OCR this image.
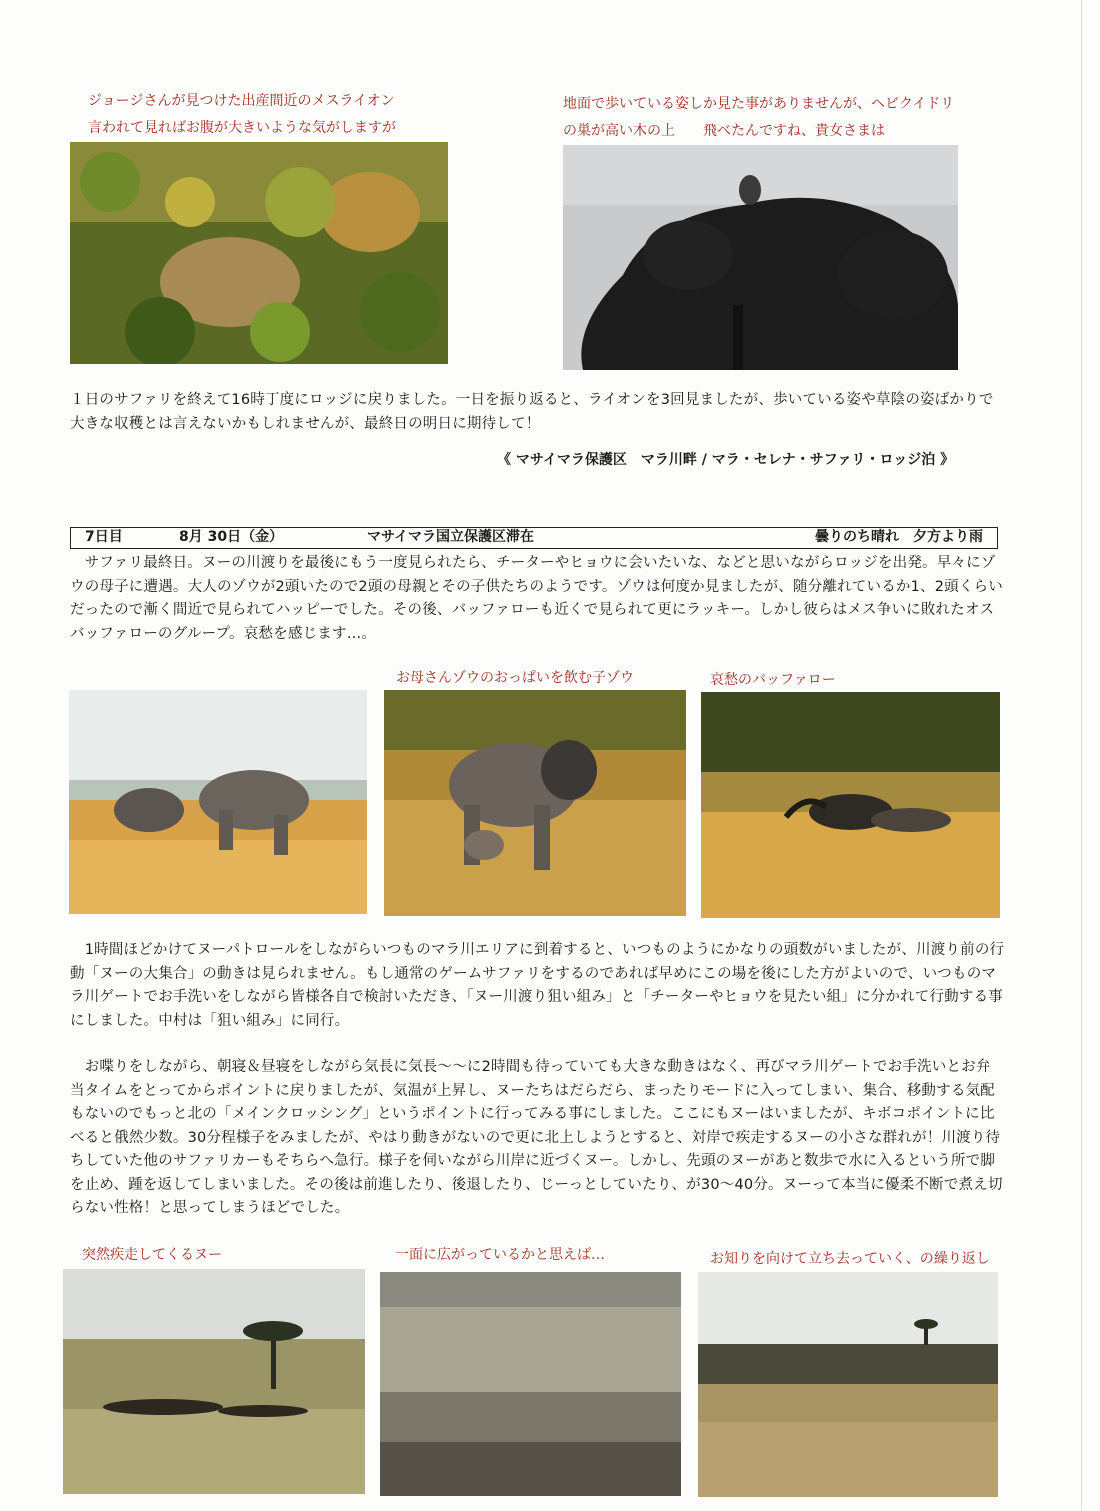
ジョージさんが見つけた出産間近のメスライオン
言われて見ればお腹が大きいような気がしますが
地面で歩いている姿しか見た事がありませんが、ヘビクイドリ
の巣が高い木の上　　飛べたんですね、貴女さまは
１日のサファリを終えて16時丁度にロッジに戻りました。一日を振り返ると、ライオンを3回見ましたが、歩いている姿や草陰の姿ばかりで大きな収穫とは言えないかもしれませんが、最終日の明日に期待して！
《 マサイマラ保護区　マラ川畔 / マラ・セレナ・サファリ・ロッジ泊 》
7日目	8月 30日（金）	マサイマラ国立保護区滞在	曇りのち晴れ　夕方より雨
　サファリ最終日。ヌーの川渡りを最後にもう一度見られたら、チーターやヒョウに会いたいな、などと思いながらロッジを出発。早々にゾウの母子に遭遇。大人のゾウが2頭いたので2頭の母親とその子供たちのようです。ゾウは何度か見ましたが、随分離れているか1、2頭くらいだったので漸く間近で見られてハッピーでした。その後、バッファローも近くで見られて更にラッキー。しかし彼らはメス争いに敗れたオスバッファローのグループ。哀愁を感じます…。
お母さんゾウのおっぱいを飲む子ゾウ	哀愁のバッファロー
　1時間ほどかけてヌーパトロールをしながらいつものマラ川エリアに到着すると、いつものようにかなりの頭数がいましたが、川渡り前の行動「ヌーの大集合」の動きは見られません。もし通常のゲームサファリをするのであれば早めにこの場を後にした方がよいので、いつものマラ川ゲートでお手洗いをしながら皆様各自で検討いただき、「ヌー川渡り狙い組み」と「チーターやヒョウを見たい組」に分かれて行動する事にしました。中村は「狙い組み」に同行。
　お喋りをしながら、朝寝＆昼寝をしながら気長に気長〜〜に2時間も待っていても大きな動きはなく、再びマラ川ゲートでお手洗いとお弁当タイムをとってからポイントに戻りましたが、気温が上昇し、ヌーたちはだらだら、まったりモードに入ってしまい、集合、移動する気配もないのでもっと北の「メインクロッシング」というポイントに行ってみる事にしました。ここにもヌーはいましたが、キボコポイントに比べると俄然少数。30分程様子をみましたが、やはり動きがないので更に北上しようとすると、対岸で疾走するヌーの小さな群れが！川渡り待ちしていた他のサファリカーもそちらへ急行。様子を伺いながら川岸に近づくヌー。しかし、先頭のヌーがあと数歩で水に入るという所で脚を止め、踵を返してしまいました。その後は前進したり、後退したり、じーっとしていたり、が30〜40分。ヌーって本当に優柔不断で煮え切らない性格！と思ってしまうほどでした。
突然疾走してくるヌー	一面に広がっているかと思えば…	お知りを向けて立ち去っていく、の繰り返し
